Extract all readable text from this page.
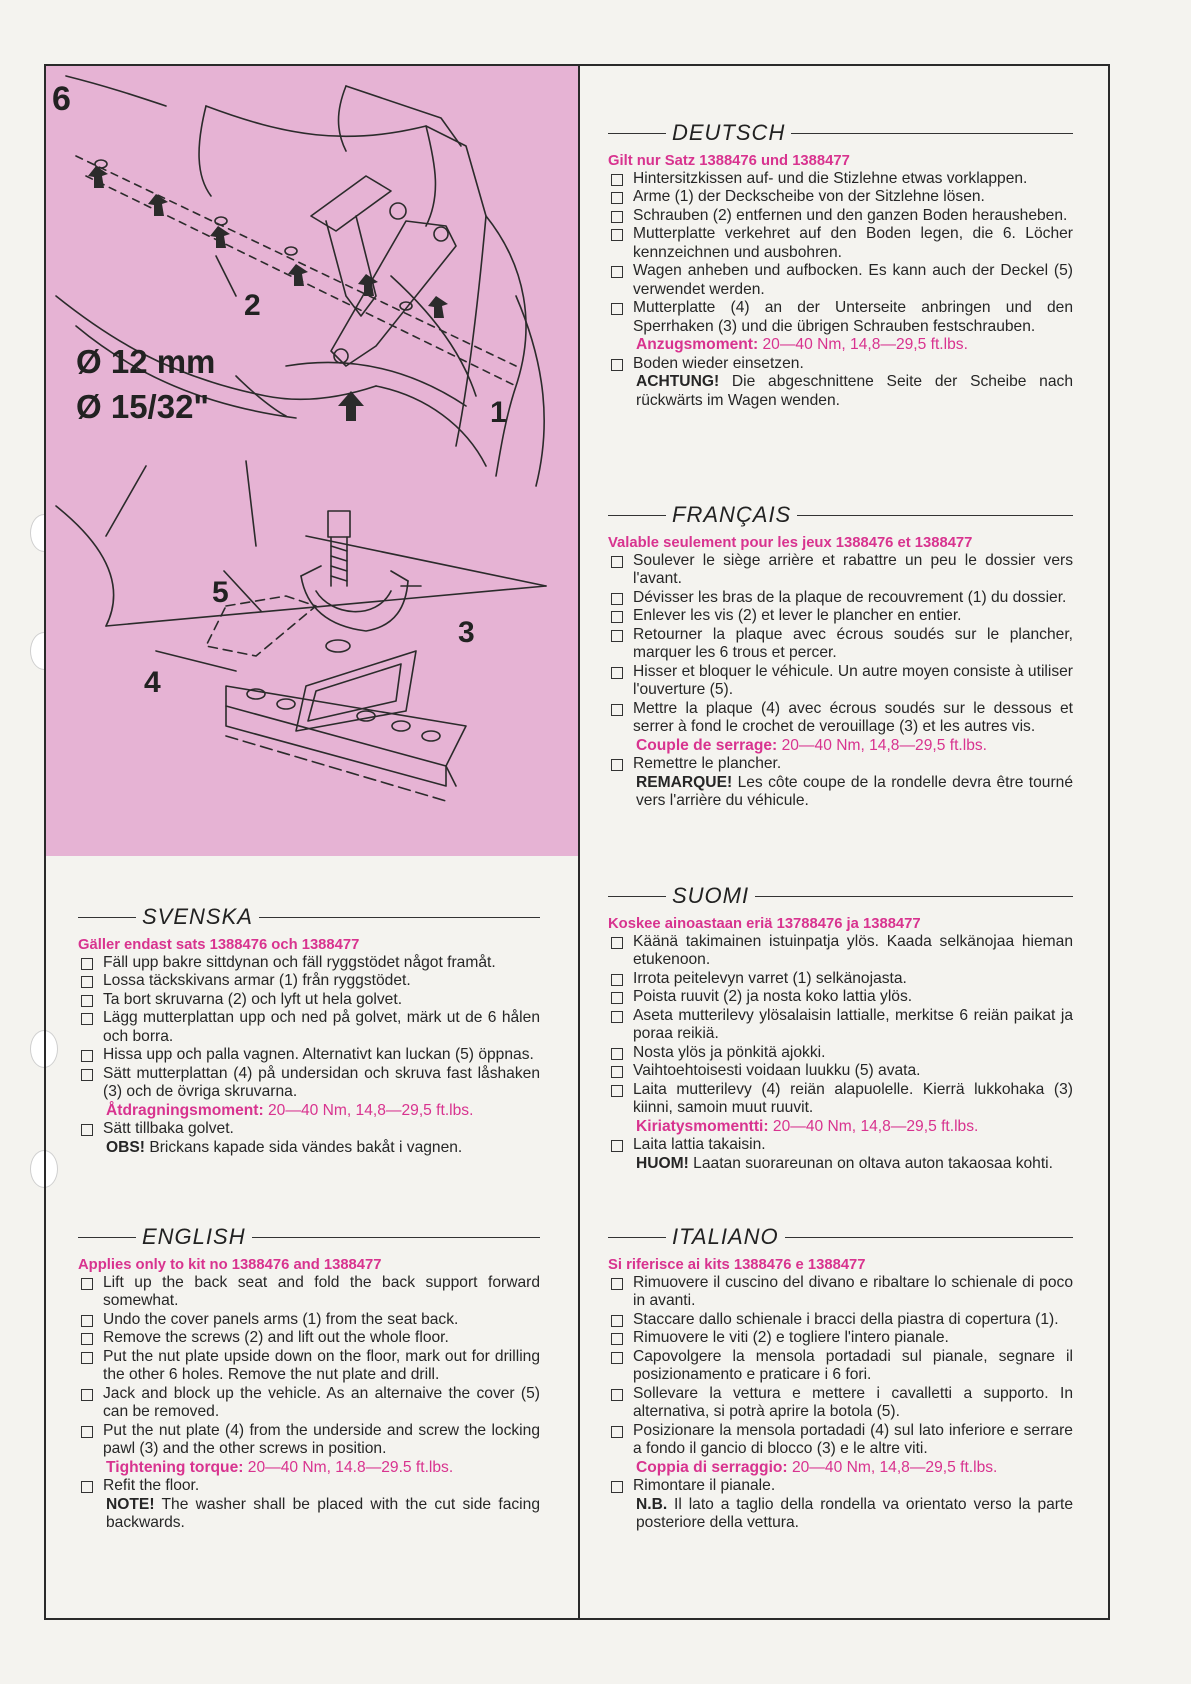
6
Ø 12 mm
Ø 15/32"	1
2
3
4
5
DEUTSCH
Gilt nur Satz 1388476 und 1388477
Hintersitzkissen auf- und die Stizlehne etwas vorklappen.
Arme (1) der Deckscheibe von der Sitzlehne lösen.
Schrauben (2) entfernen und den ganzen Boden herausheben.
Mutterplatte verkehret auf den Boden legen, die 6. Löcher kennzeichnen und ausbohren.
Wagen anheben und aufbocken. Es kann auch der Deckel (5) verwendet werden.
Mutterplatte (4) an der Unterseite anbringen und den Sperrhaken (3) und die übrigen Schrauben festschrauben.
Anzugsmoment: 20—40 Nm, 14,8—29,5 ft.lbs.
Boden wieder einsetzen.
ACHTUNG! Die abgeschnittene Seite der Scheibe nach rückwärts im Wagen wenden.
FRANÇAIS
Valable seulement pour les jeux 1388476 et 1388477
Soulever le siège arrière et rabattre un peu le dossier vers l'avant.
Dévisser les bras de la plaque de recouvrement (1) du dossier.
Enlever les vis (2) et lever le plancher en entier.
Retourner la plaque avec écrous soudés sur le plancher, marquer les 6 trous et percer.
Hisser et bloquer le véhicule. Un autre moyen consiste à utiliser l'ouverture (5).
Mettre la plaque (4) avec écrous soudés sur le dessous et serrer à fond le crochet de verouillage (3) et les autres vis.
Couple de serrage: 20—40 Nm, 14,8—29,5 ft.lbs.
Remettre le plancher.
REMARQUE! Les côte coupe de la rondelle devra être tourné vers l'arrière du véhicule.
SVENSKA
Gäller endast sats 1388476 och 1388477
Fäll upp bakre sittdynan och fäll ryggstödet något framåt.
Lossa täckskivans armar (1) från ryggstödet.
Ta bort skruvarna (2) och lyft ut hela golvet.
Lägg mutterplattan upp och ned på golvet, märk ut de 6 hålen och borra.
Hissa upp och palla vagnen. Alternativt kan luckan (5) öppnas.
Sätt mutterplattan (4) på undersidan och skruva fast låshaken (3) och de övriga skruvarna.
Åtdragningsmoment: 20—40 Nm, 14,8—29,5 ft.lbs.
Sätt tillbaka golvet.
OBS! Brickans kapade sida vändes bakåt i vagnen.
SUOMI
Koskee ainoastaan eriä 13788476 ja 1388477
Käänä takimainen istuinpatja ylös. Kaada selkänojaa hieman etukenoon.
Irrota peitelevyn varret (1) selkänojasta.
Poista ruuvit (2) ja nosta koko lattia ylös.
Aseta mutterilevy ylösalaisin lattialle, merkitse 6 reiän paikat ja poraa reikiä.
Nosta ylös ja pönkitä ajokki.
Vaihtoehtoisesti voidaan luukku (5) avata.
Laita mutterilevy (4) reiän alapuolelle. Kierrä lukkohaka (3) kiinni, samoin muut ruuvit.
Kiriatysmomentti: 20—40 Nm, 14,8—29,5 ft.lbs.
Laita lattia takaisin.
HUOM! Laatan suorareunan on oltava auton takaosaa kohti.
ENGLISH
Applies only to kit no 1388476 and 1388477
Lift up the back seat and fold the back support forward somewhat.
Undo the cover panels arms (1) from the seat back.
Remove the screws (2) and lift out the whole floor.
Put the nut plate upside down on the floor, mark out for drilling the other 6 holes. Remove the nut plate and drill.
Jack and block up the vehicle. As an alternaive the cover (5) can be removed.
Put the nut plate (4) from the underside and screw the locking pawl (3) and the other screws in position.
Tightening torque: 20—40 Nm, 14.8—29.5 ft.lbs.
Refit the floor.
NOTE! The washer shall be placed with the cut side facing backwards.
ITALIANO
Si riferisce ai kits 1388476 e 1388477
Rimuovere il cuscino del divano e ribaltare lo schienale di poco in avanti.
Staccare dallo schienale i bracci della piastra di copertura (1).
Rimuovere le viti (2) e togliere l'intero pianale.
Capovolgere la mensola portadadi sul pianale, segnare il posizionamento e praticare i 6 fori.
Sollevare la vettura e mettere i cavalletti a supporto. In alternativa, si potrà aprire la botola (5).
Posizionare la mensola portadadi (4) sul lato inferiore e serrare a fondo il gancio di blocco (3) e le altre viti.
Coppia di serraggio: 20—40 Nm, 14,8—29,5 ft.lbs.
Rimontare il pianale.
N.B. Il lato a taglio della rondella va orientato verso la parte posteriore della vettura.
